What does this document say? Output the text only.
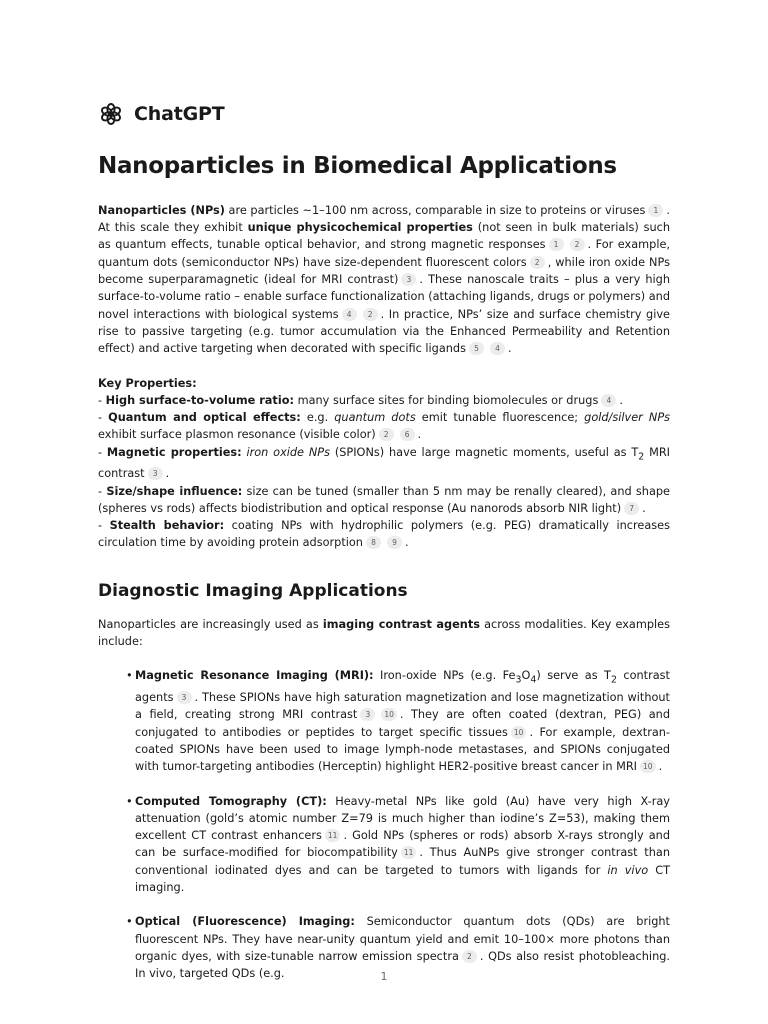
ChatGPT
Nanoparticles in Biomedical Applications

Nanoparticles (NPs) are particles ~1–100 nm across, comparable in size to proteins or viruses 1 . At this scale they exhibit unique physicochemical properties (not seen in bulk materials) such as quantum effects, tunable optical behavior, and strong magnetic responses 1 2 . For example, quantum dots (semiconductor NPs) have size-dependent fluorescent colors 2 , while iron oxide NPs become superparamagnetic (ideal for MRI contrast) 3 . These nanoscale traits – plus a very high surface-to-volume ratio – enable surface functionalization (attaching ligands, drugs or polymers) and novel interactions with biological systems 4 2 . In practice, NPs’ size and surface chemistry give rise to passive targeting (e.g. tumor accumulation via the Enhanced Permeability and Retention effect) and active targeting when decorated with specific ligands 5 4 .

Key Properties:
- High surface-to-volume ratio: many surface sites for binding biomolecules or drugs 4 .
- Quantum and optical effects: e.g. quantum dots emit tunable fluorescence; gold/silver NPs exhibit surface plasmon resonance (visible color) 2 6 .
- Magnetic properties: iron oxide NPs (SPIONs) have large magnetic moments, useful as $T_2$ MRI contrast 3 .
- Size/shape influence: size can be tuned (smaller than 5 nm may be renally cleared), and shape (spheres vs rods) affects biodistribution and optical response (Au nanorods absorb NIR light) 7 .
- Stealth behavior: coating NPs with hydrophilic polymers (e.g. PEG) dramatically increases circulation time by avoiding protein adsorption 8 9 .
Diagnostic Imaging Applications

Nanoparticles are increasingly used as imaging contrast agents across modalities. Key examples include:

• Magnetic Resonance Imaging (MRI): Iron-oxide NPs (e.g. $Fe_3O_4$) serve as $T_2$ contrast agents 3 . These SPIONs have high saturation magnetization and lose magnetization without a field, creating strong MRI contrast 3 10 . They are often coated (dextran, PEG) and conjugated to antibodies or peptides to target specific tissues 10 . For example, dextran-coated SPIONs have been used to image lymph-node metastases, and SPIONs conjugated with tumor-targeting antibodies (Herceptin) highlight HER2-positive breast cancer in MRI 10 .
• Computed Tomography (CT): Heavy-metal NPs like gold (Au) have very high X-ray attenuation (gold’s atomic number Z=79 is much higher than iodine’s Z=53), making them excellent CT contrast enhancers 11 . Gold NPs (spheres or rods) absorb X-rays strongly and can be surface-modified for biocompatibility 11 . Thus AuNPs give stronger contrast than conventional iodinated dyes and can be targeted to tumors with ligands for in vivo CT imaging.
• Optical (Fluorescence) Imaging: Semiconductor quantum dots (QDs) are bright fluorescent NPs. They have near-unity quantum yield and emit 10–100× more photons than organic dyes, with size-tunable narrow emission spectra 2 . QDs also resist photobleaching. In vivo, targeted QDs (e.g.	1
